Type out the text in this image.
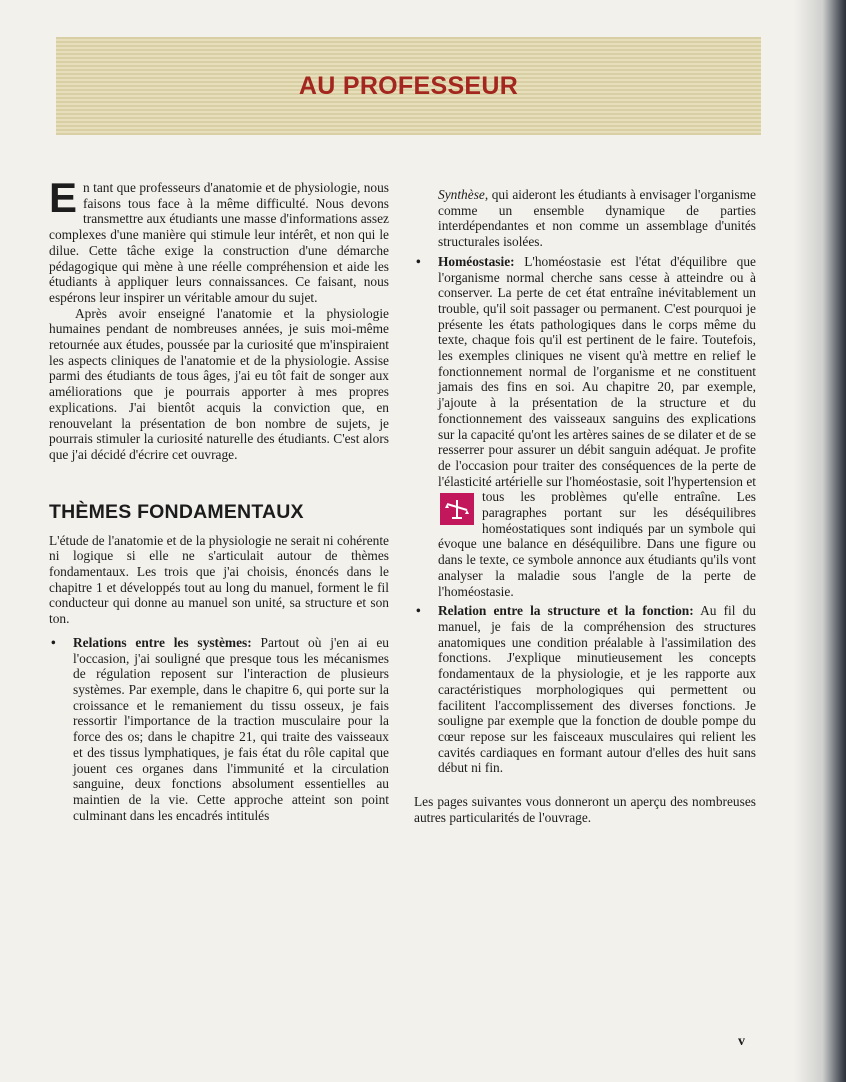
AU PROFESSEUR

En tant que professeurs d'anatomie et de physiologie, nous faisons tous face à la même difficulté. Nous devons transmettre aux étudiants une masse d'informations assez complexes d'une manière qui stimule leur intérêt, et non qui le dilue. Cette tâche exige la construction d'une démarche pédagogique qui mène à une réelle compréhension et aide les étudiants à appliquer leurs connaissances. Ce faisant, nous espérons leur inspirer un véritable amour du sujet.

Après avoir enseigné l'anatomie et la physiologie humaines pendant de nombreuses années, je suis moi-même retournée aux études, poussée par la curiosité que m'inspiraient les aspects cliniques de l'anatomie et de la physiologie. Assise parmi des étudiants de tous âges, j'ai eu tôt fait de songer aux améliorations que je pourrais apporter à mes propres explications. J'ai bientôt acquis la conviction que, en renouvelant la présentation de bon nombre de sujets, je pourrais stimuler la curiosité naturelle des étudiants. C'est alors que j'ai décidé d'écrire cet ouvrage.

THÈMES FONDAMENTAUX

L'étude de l'anatomie et de la physiologie ne serait ni cohérente ni logique si elle ne s'articulait autour de thèmes fondamentaux. Les trois que j'ai choisis, énoncés dans le chapitre 1 et développés tout au long du manuel, forment le fil conducteur qui donne au manuel son unité, sa structure et son ton.

• Relations entre les systèmes: Partout où j'en ai eu l'occasion, j'ai souligné que presque tous les mécanismes de régulation reposent sur l'interaction de plusieurs systèmes. Par exemple, dans le chapitre 6, qui porte sur la croissance et le remaniement du tissu osseux, je fais ressortir l'importance de la traction musculaire pour la force des os; dans le chapitre 21, qui traite des vaisseaux et des tissus lymphatiques, je fais état du rôle capital que jouent ces organes dans l'immunité et la circulation sanguine, deux fonctions absolument essentielles au maintien de la vie. Cette approche atteint son point culminant dans les encadrés intitulés

Synthèse, qui aideront les étudiants à envisager l'organisme comme un ensemble dynamique de parties interdépendantes et non comme un assemblage d'unités structurales isolées.

• Homéostasie: L'homéostasie est l'état d'équilibre que l'organisme normal cherche sans cesse à atteindre ou à conserver. La perte de cet état entraîne inévitablement un trouble, qu'il soit passager ou permanent. C'est pourquoi je présente les états pathologiques dans le corps même du texte, chaque fois qu'il est pertinent de le faire. Toutefois, les exemples cliniques ne visent qu'à mettre en relief le fonctionnement normal de l'organisme et ne constituent jamais des fins en soi. Au chapitre 20, par exemple, j'ajoute à la présentation de la structure et du fonctionnement des vaisseaux sanguins des explications sur la capacité qu'ont les artères saines de se dilater et de se resserrer pour assurer un débit sanguin adéquat. Je profite de l'occasion pour traiter des conséquences de la perte de l'élasticité artérielle sur l'homéostasie, soit l'hypertension et tous les problèmes qu'elle entraîne.
Les paragraphes portant sur les déséquilibres homéostatiques sont indiqués par un symbole qui évoque une balance en déséquilibre. Dans une figure ou dans le texte, ce symbole annonce aux étudiants qu'ils vont analyser la maladie sous l'angle de la perte de l'homéostasie.
• Relation entre la structure et la fonction: Au fil du manuel, je fais de la compréhension des structures anatomiques une condition préalable à l'assimilation des fonctions. J'explique minutieusement les concepts fondamentaux de la physiologie, et je les rapporte aux caractéristiques morphologiques qui permettent ou facilitent l'accomplissement des diverses fonctions. Je souligne par exemple que la fonction de double pompe du cœur repose sur les faisceaux musculaires qui relient les cavités cardiaques en formant autour d'elles des huit sans début ni fin.

Les pages suivantes vous donneront un aperçu des nombreuses autres particularités de l'ouvrage.

v
